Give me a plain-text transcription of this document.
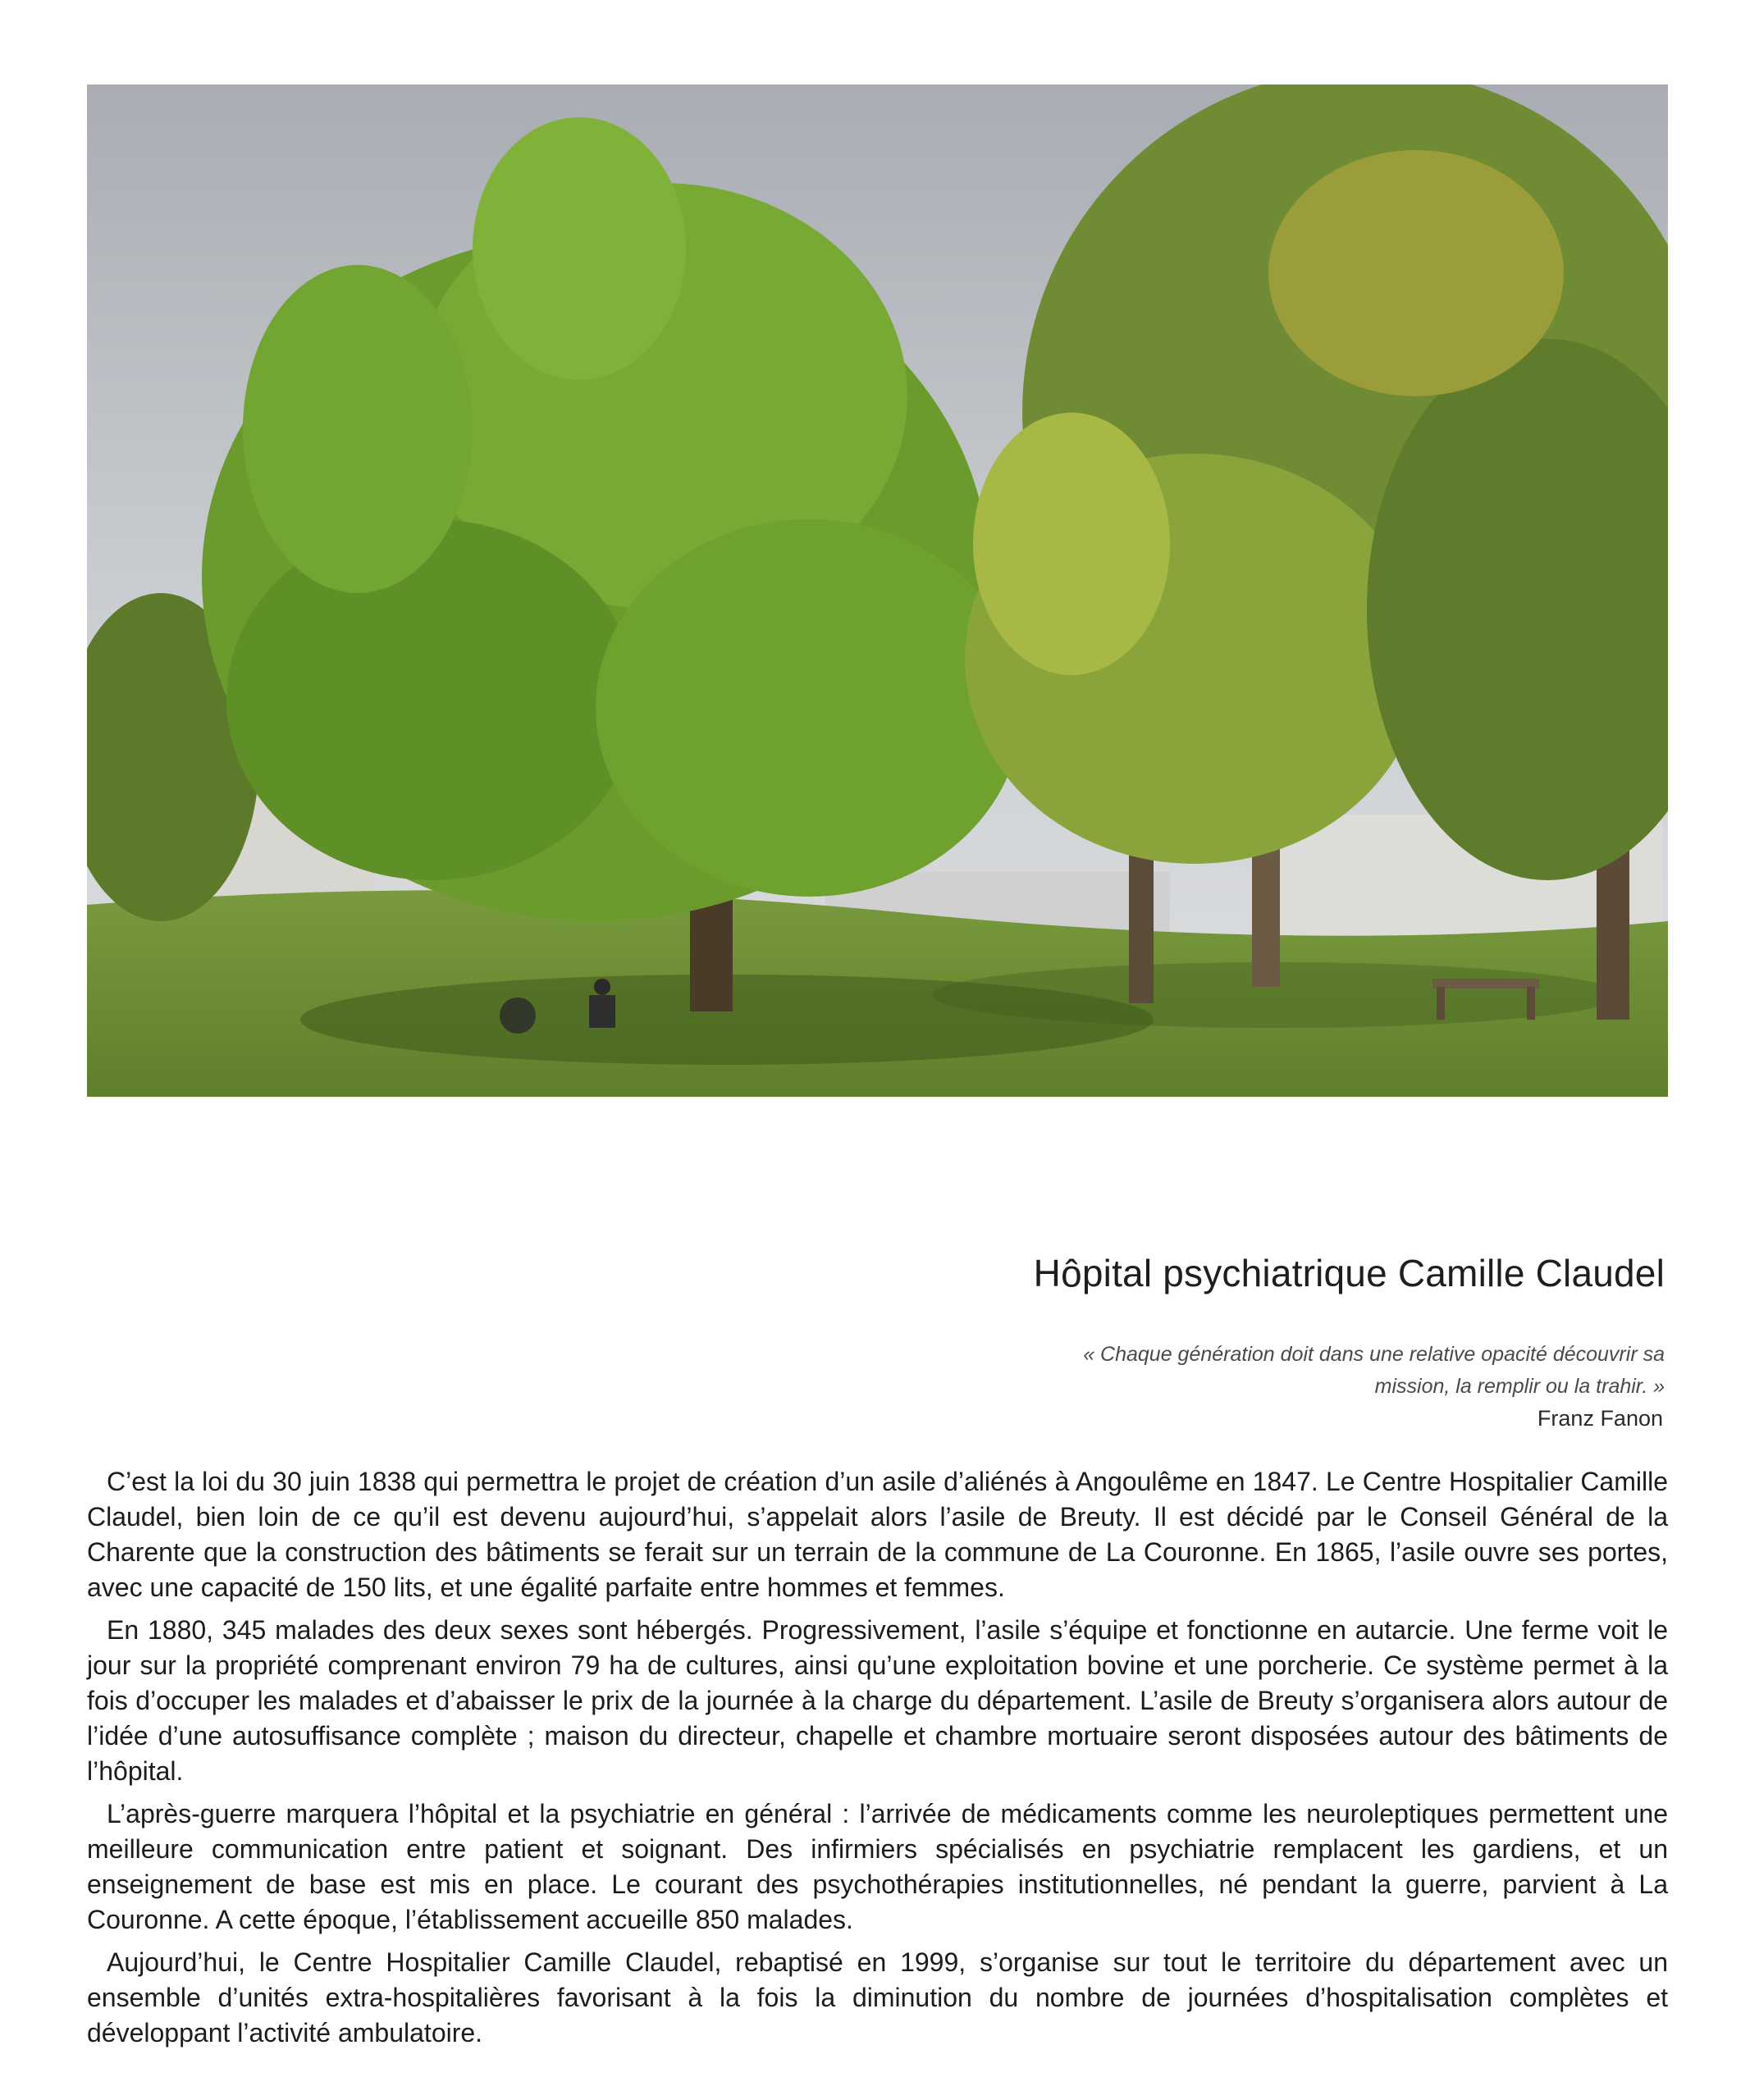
Hôpital psychiatrique Camille Claudel
« Chaque génération doit dans une relative opacité découvrir sa mission, la remplir ou la trahir. »
Franz Fanon

C’est la loi du 30 juin 1838 qui permettra le projet de création d’un asile d’aliénés à Angoulême en 1847. Le Centre Hospitalier Camille Claudel, bien loin de ce qu’il est devenu aujourd’hui, s’appelait alors l’asile de Breuty. Il est décidé par le Conseil Général de la Charente que la construction des bâtiments se ferait sur un terrain de la commune de La Couronne. En 1865, l’asile ouvre ses portes, avec une capacité de 150 lits, et une égalité parfaite entre hommes et femmes.

En 1880, 345 malades des deux sexes sont hébergés. Progressivement, l’asile s’équipe et fonctionne en autarcie. Une ferme voit le jour sur la propriété comprenant environ 79 ha de cultures, ainsi qu’une exploitation bovine et une porcherie. Ce système permet à la fois d’occuper les malades et d’abaisser le prix de la journée à la charge du département. L’asile de Breuty s’organisera alors autour de l’idée d’une autosuffisance complète ; maison du directeur, chapelle et chambre mortuaire seront disposées autour des bâtiments de l’hôpital.

L’après-guerre marquera l’hôpital et la psychiatrie en général : l’arrivée de médicaments comme les neuroleptiques permettent une meilleure communication entre patient et soignant. Des infirmiers spécialisés en psychiatrie remplacent les gardiens, et un enseignement de base est mis en place. Le courant des psychothérapies institutionnelles, né pendant la guerre, parvient à La Couronne. A cette époque, l’établissement accueille 850 malades.

Aujourd’hui, le Centre Hospitalier Camille Claudel, rebaptisé en 1999, s’organise sur tout le territoire du département avec un ensemble d’unités extra-hospitalières favorisant à la fois la diminution du nombre de journées d’hospitalisation complètes et développant l’activité ambulatoire.
